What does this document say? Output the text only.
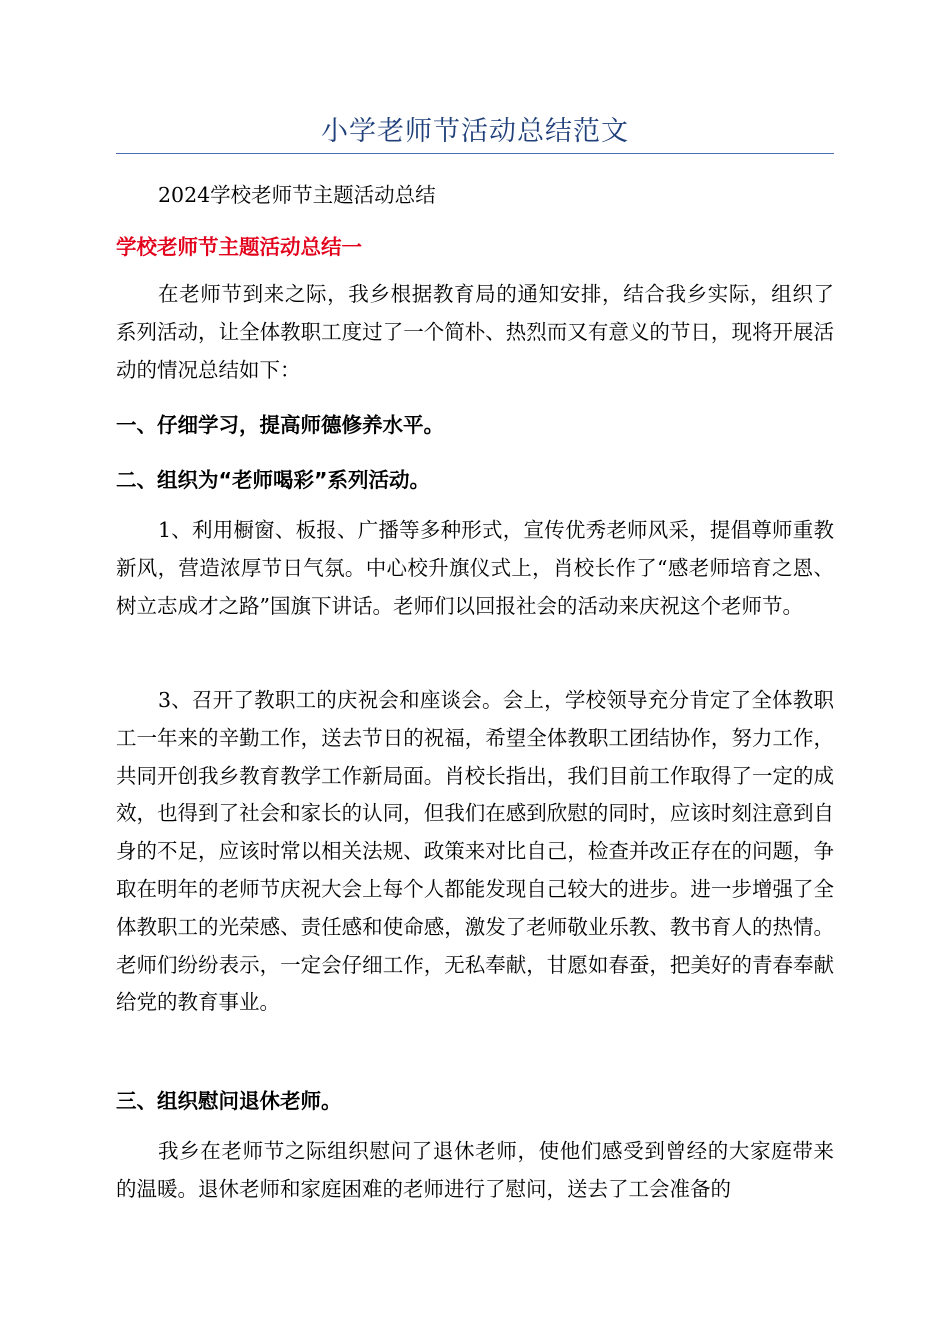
小学老师节活动总结范文

2024学校老师节主题活动总结

学校老师节主题活动总结一

在老师节到来之际，我乡根据教育局的通知安排，结合我乡实际，组织了系列活动，让全体教职工度过了一个简朴、热烈而又有意义的节日，现将开展活动的情况总结如下：

一、仔细学习，提高师德修养水平。
二、组织为“老师喝彩”系列活动。

1、利用橱窗、板报、广播等多种形式，宣传优秀老师风采，提倡尊师重教新风，营造浓厚节日气氛。中心校升旗仪式上，肖校长作了“感老师培育之恩、树立志成才之路”国旗下讲话。老师们以回报社会的活动来庆祝这个老师节。

3、召开了教职工的庆祝会和座谈会。会上，学校领导充分肯定了全体教职工一年来的辛勤工作，送去节日的祝福，希望全体教职工团结协作，努力工作，共同开创我乡教育教学工作新局面。肖校长指出，我们目前工作取得了一定的成效，也得到了社会和家长的认同，但我们在感到欣慰的同时，应该时刻注意到自身的不足，应该时常以相关法规、政策来对比自己，检查并改正存在的问题，争取在明年的老师节庆祝大会上每个人都能发现自己较大的进步。进一步增强了全体教职工的光荣感、责任感和使命感，激发了老师敬业乐教、教书育人的热情。老师们纷纷表示，一定会仔细工作，无私奉献，甘愿如春蚕，把美好的青春奉献给党的教育事业。

三、组织慰问退休老师。

我乡在老师节之际组织慰问了退休老师，使他们感受到曾经的大家庭带来的温暖。退休老师和家庭困难的老师进行了慰问，送去了工会准备的
